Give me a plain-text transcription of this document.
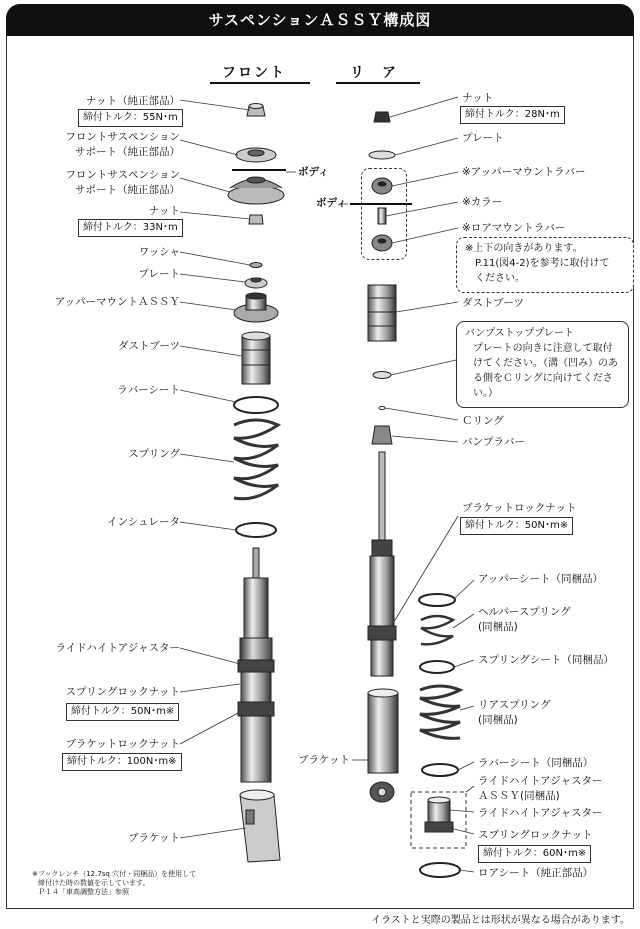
サスペンションＡＳＳＹ構成図
フロント	リ　ア
ナット（純正部品）
締付トルク：55N･m
フロントサスペンション
サポート（純正部品）
フロントサスペンション
サポート（純正部品）
ボディ
ナット
締付トルク：33N･m
ワッシャ
プレート
アッパーマウントＡＳＳＹ
ダストブーツ
ラバーシート
スプリング
インシュレータ
ライドハイトアジャスター
スプリングロックナット
締付トルク：50N･m※
ブラケットロックナット
締付トルク：100N･m※
ブラケット
※フックレンチ（12.7sq 穴付・同梱品）を使用して
締付けた時の数値を示しています。
Ｐ１４「車高調整方法」参照
ナット
締付トルク：28N･m
プレート
※アッパーマウントラバー
ボディ	※カラー
※ロアマウントラバー
※上下の向きがあります。
P.11(図4-2)を参考に取付けて
ください。
ダストブーツ
バンプストッププレート
プレートの向きに注意して取付けてください。（溝（凹み）のある側をＣリングに向けてください。）
Ｃリング
バンプラバー
ブラケットロックナット
締付トルク：50N･m※
アッパーシート（同梱品）
ヘルパースプリング
(同梱品)
スプリングシート（同梱品）
リアスプリング
(同梱品)
ブラケット	ラバーシート（同梱品）
ライドハイトアジャスター
ＡＳＳＹ(同梱品)
ライドハイトアジャスター
スプリングロックナット
締付トルク：60N･m※
ロアシート（純正部品）
イラストと実際の製品とは形状が異なる場合があります。
